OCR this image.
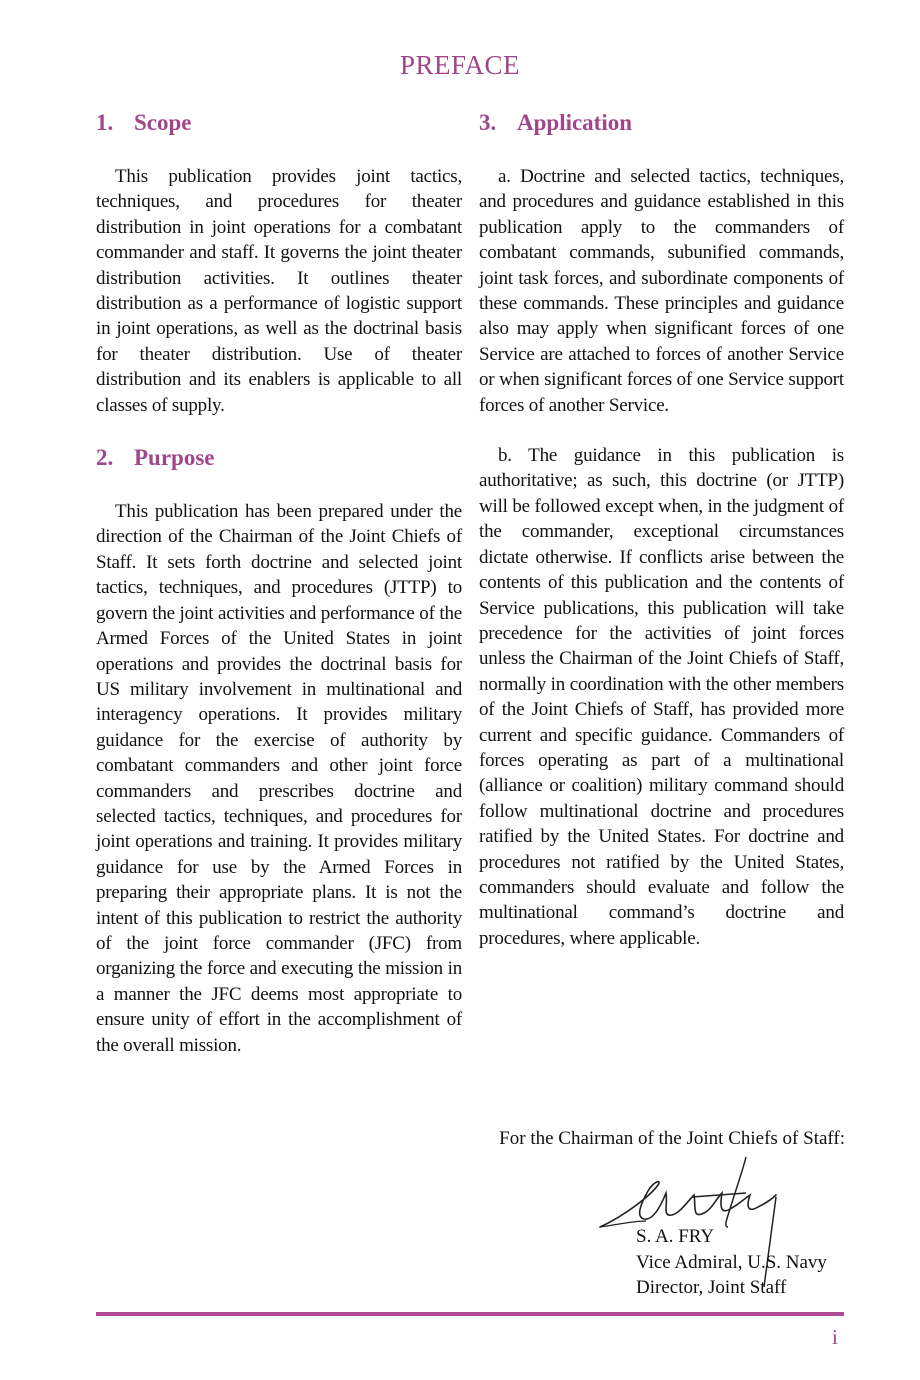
PREFACE
1. Scope

This publication provides joint tactics, techniques, and procedures for theater distribution in joint operations for a combatant commander and staff. It governs the joint theater distribution activities. It outlines theater distribution as a performance of logistic support in joint operations, as well as the doctrinal basis for theater distribution. Use of theater distribution and its enablers is applicable to all classes of supply.

2. Purpose

This publication has been prepared under the direction of the Chairman of the Joint Chiefs of Staff. It sets forth doctrine and selected joint tactics, techniques, and procedures (JTTP) to govern the joint activities and performance of the Armed Forces of the United States in joint operations and provides the doctrinal basis for US military involvement in multinational and interagency operations. It provides military guidance for the exercise of authority by combatant commanders and other joint force commanders and prescribes doctrine and selected tactics, techniques, and procedures for joint operations and training. It provides military guidance for use by the Armed Forces in preparing their appropriate plans. It is not the intent of this publication to restrict the authority of the joint force commander (JFC) from organizing the force and executing the mission in a manner the JFC deems most appropriate to ensure unity of effort in the accomplishment of the overall mission.

3. Application

a. Doctrine and selected tactics, techniques, and procedures and guidance established in this publication apply to the commanders of combatant commands, subunified commands, joint task forces, and subordinate components of these commands. These principles and guidance also may apply when significant forces of one Service are attached to forces of another Service or when significant forces of one Service support forces of another Service.

b. The guidance in this publication is authoritative; as such, this doctrine (or JTTP) will be followed except when, in the judgment of the commander, exceptional circumstances dictate otherwise. If conflicts arise between the contents of this publication and the contents of Service publications, this publication will take precedence for the activities of joint forces unless the Chairman of the Joint Chiefs of Staff, normally in coordination with the other members of the Joint Chiefs of Staff, has provided more current and specific guidance. Commanders of forces operating as part of a multinational (alliance or coalition) military command should follow multinational doctrine and procedures ratified by the United States. For doctrine and procedures not ratified by the United States, commanders should evaluate and follow the multinational command’s doctrine and procedures, where applicable.

For the Chairman of the Joint Chiefs of Staff:
S. A. FRY
Vice Admiral, U.S. Navy
Director, Joint Staff
i
